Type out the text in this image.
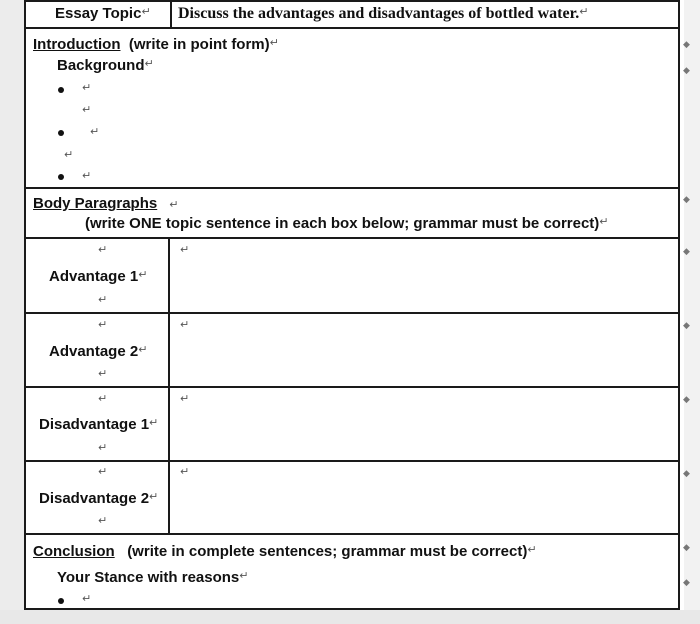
Essay Topic ↵ Discuss the advantages and disadvantages of bottled water. ↵
Introduction (write in point form) ↵
Background ↵
↵
↵
↵
↵
↵
Body Paragraphs ↵
(write ONE topic sentence in each box below; grammar must be correct) ↵
↵
Advantage 1 ↵
↵
↵
↵
Advantage 2 ↵
↵
↵
↵
Disadvantage 1 ↵
↵
↵
↵
Disadvantage 2 ↵
↵
↵
Conclusion (write in complete sentences; grammar must be correct) ↵
Your Stance with reasons ↵
↵
◆
◆
◆
◆
◆
◆
◆
◆
◆
